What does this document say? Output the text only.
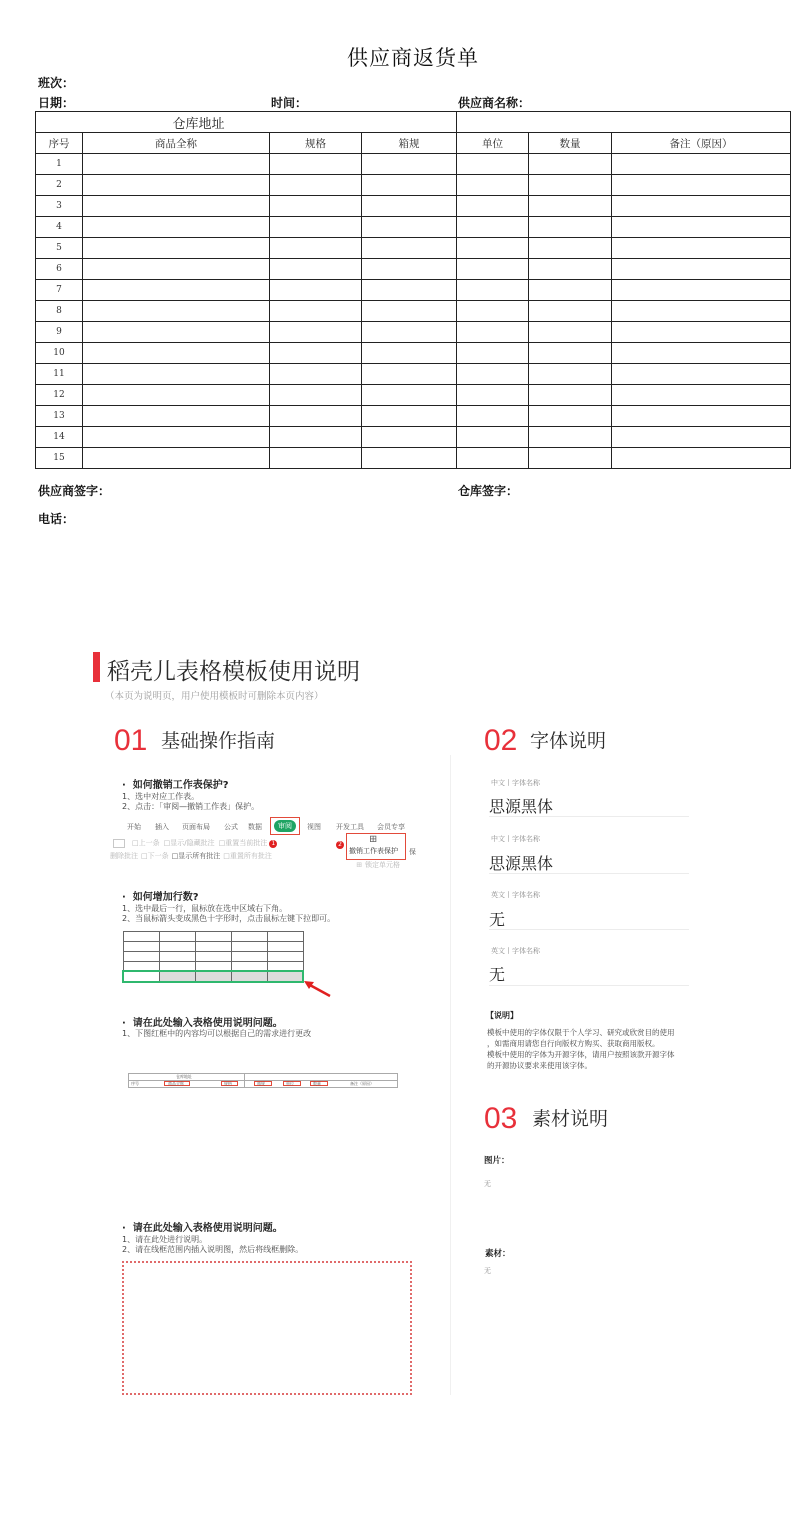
供应商返货单
班次：
日期：	时间：	供应商名称：
仓库地址						
序号	商品全称	规格	箱规	单位	数量	备注（原因）
1						
2						
3						
4						
5						
6						
7						
8						
9						
10						
11						
12						
13						
14						
15						
供应商签字：	仓库签字：
电话：
稻壳儿表格模板使用说明
（本页为说明页，用户使用模板时可删除本页内容）
01 基础操作指南
·  如何撤销工作表保护?
1、选中对应工作表。
2、点击：「审阅—撤销工作表」保护。
开始 插入 页面布局 公式 数据	审阅	视图 开发工具 会员专享
□上一条 □显示/隐藏批注 □重置当前批注 1
删除批注 □下一条 □显示所有批注 □重置所有批注
⊞ 锁定单元格
2	⊞
撤销工作表保护 保
·  如何增加行数?
1、选中最后一行，鼠标放在选中区域右下角。
2、当鼠标箭头变成黑色十字形时，点击鼠标左键下拉即可。
·  请在此处输入表格使用说明问题。
1、下图红框中的内容均可以根据自己的需求进行更改
仓库地址
序号	商品全称	规格	箱规	单位	数量	备注（原因）
·  请在此处输入表格使用说明问题。
1、请在此处进行说明。
2、请在线框范围内插入说明图，然后将线框删除。
02 字体说明
中文丨字体名称
思源黑体
中文丨字体名称
思源黑体
英文丨字体名称
无
英文丨字体名称
无
【说明】
模板中使用的字体仅限于个人学习、研究或欣赏目的使用
，如需商用请您自行向版权方购买、获取商用版权。
模板中使用的字体为开源字体，请用户按照该款开源字体
的开源协议要求来使用该字体。
03 素材说明
图片：
无
素材：
无
